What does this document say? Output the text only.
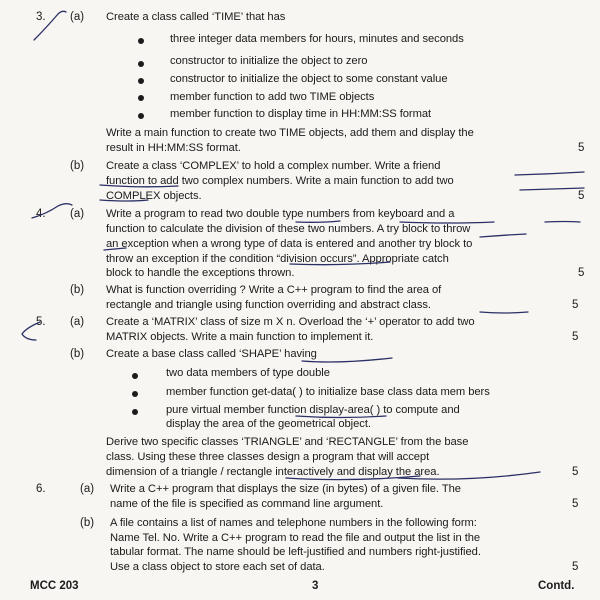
3. (a) Create a class called ‘TIME’ that has
three integer data members for hours, minutes and seconds
constructor to initialize the object to zero
constructor to initialize the object to some constant value
member function to add two TIME objects
member function to display time in HH:MM:SS format
Write a main function to create two TIME objects, add them and display the
result in HH:MM:SS format.	5
(b) Create a class ‘COMPLEX’ to hold a complex number. Write a friend
function to add two complex numbers. Write a main function to add two
COMPLEX objects.	5
4. (a) Write a program to read two double type numbers from keyboard and a
function to calculate the division of these two numbers. A try block to throw
an exception when a wrong type of data is entered and another try block to
throw an exception if the condition “division occurs”. Appropriate catch
block to handle the exceptions thrown.	5
(b) What is function overriding ? Write a C++ program to find the area of
rectangle and triangle using function overriding and abstract class.	5
5. (a) Create a ‘MATRIX’ class of size m X n. Overload the ‘+’ operator to add two
MATRIX objects. Write a main function to implement it.	5
(b) Create a base class called ‘SHAPE’ having
two data members of type double
member function get-data( ) to initialize base class data mem bers
pure virtual member function display-area( ) to compute and
display the area of the geometrical object.
Derive two specific classes ‘TRIANGLE’ and ‘RECTANGLE’ from the base
class. Using these three classes design a program that will accept
dimension of a triangle / rectangle interactively and display the area.	5
6.	(a) Write a C++ program that displays the size (in bytes) of a given file. The
name of the file is specified as command line argument.	5
(b) A file contains a list of names and telephone numbers in the following form:
Name Tel. No. Write a C++ program to read the file and output the list in the
tabular format. The name should be left-justified and numbers right-justified.
Use a class object to store each set of data.	5
MCC 203	3	Contd.
